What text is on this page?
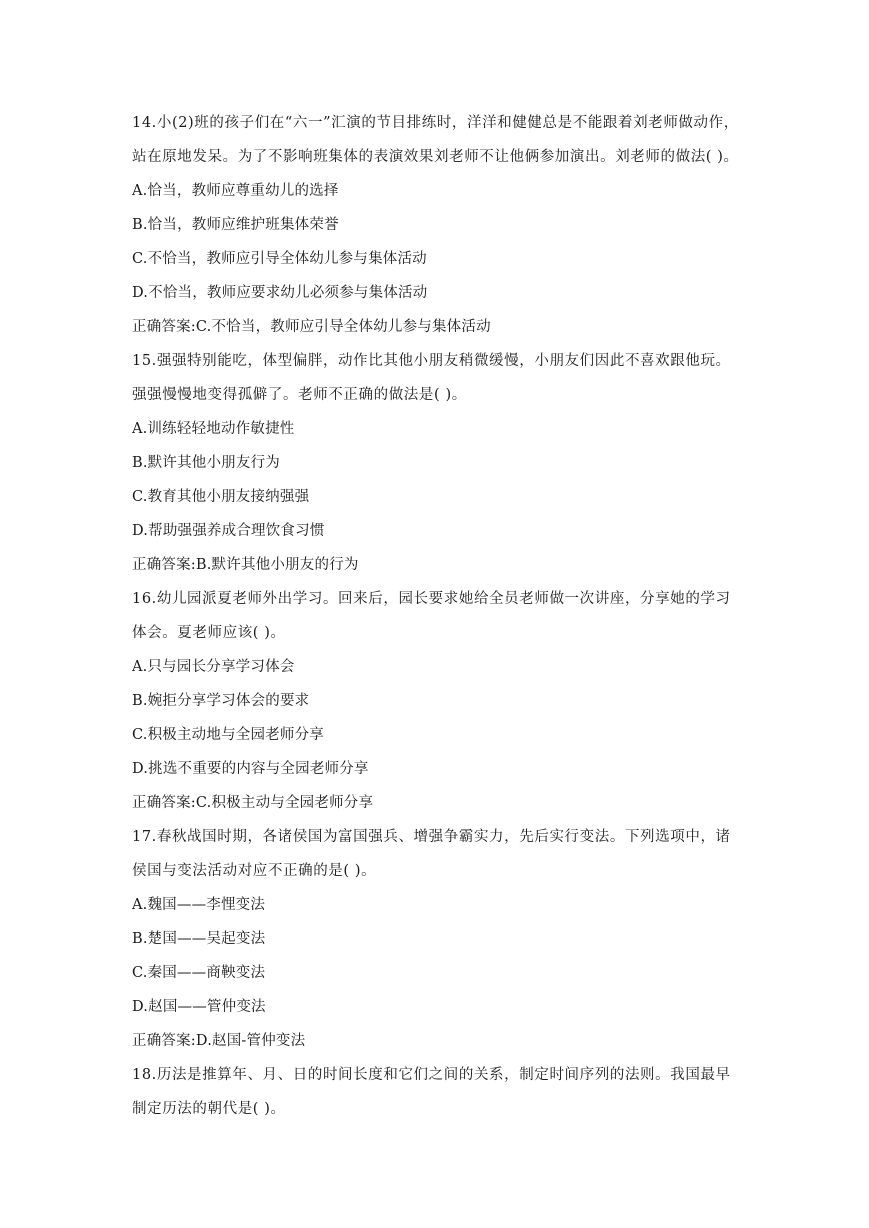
14.小(2)班的孩子们在“六一”汇演的节目排练时，洋洋和健健总是不能跟着刘老师做动作，
站在原地发呆。为了不影响班集体的表演效果刘老师不让他俩参加演出。刘老师的做法( )。
A.恰当，教师应尊重幼儿的选择
B.恰当，教师应维护班集体荣誉
C.不恰当，教师应引导全体幼儿参与集体活动
D.不恰当，教师应要求幼儿必须参与集体活动
正确答案:C.不恰当，教师应引导全体幼儿参与集体活动
15.强强特别能吃，体型偏胖，动作比其他小朋友稍微缓慢，小朋友们因此不喜欢跟他玩。
强强慢慢地变得孤僻了。老师不正确的做法是( )。
A.训练轻轻地动作敏捷性
B.默许其他小朋友行为
C.教育其他小朋友接纳强强
D.帮助强强养成合理饮食习惯
正确答案:B.默许其他小朋友的行为
16.幼儿园派夏老师外出学习。回来后，园长要求她给全员老师做一次讲座，分享她的学习
体会。夏老师应该( )。
A.只与园长分享学习体会
B.婉拒分享学习体会的要求
C.积极主动地与全园老师分享
D.挑选不重要的内容与全园老师分享
正确答案:C.积极主动与全园老师分享
17.春秋战国时期，各诸侯国为富国强兵、增强争霸实力，先后实行变法。下列选项中，诸
侯国与变法活动对应不正确的是( )。
A.魏国——李悝变法
B.楚国——吴起变法
C.秦国——商鞅变法
D.赵国——管仲变法
正确答案:D.赵国-管仲变法
18.历法是推算年、月、日的时间长度和它们之间的关系，制定时间序列的法则。我国最早
制定历法的朝代是( )。
